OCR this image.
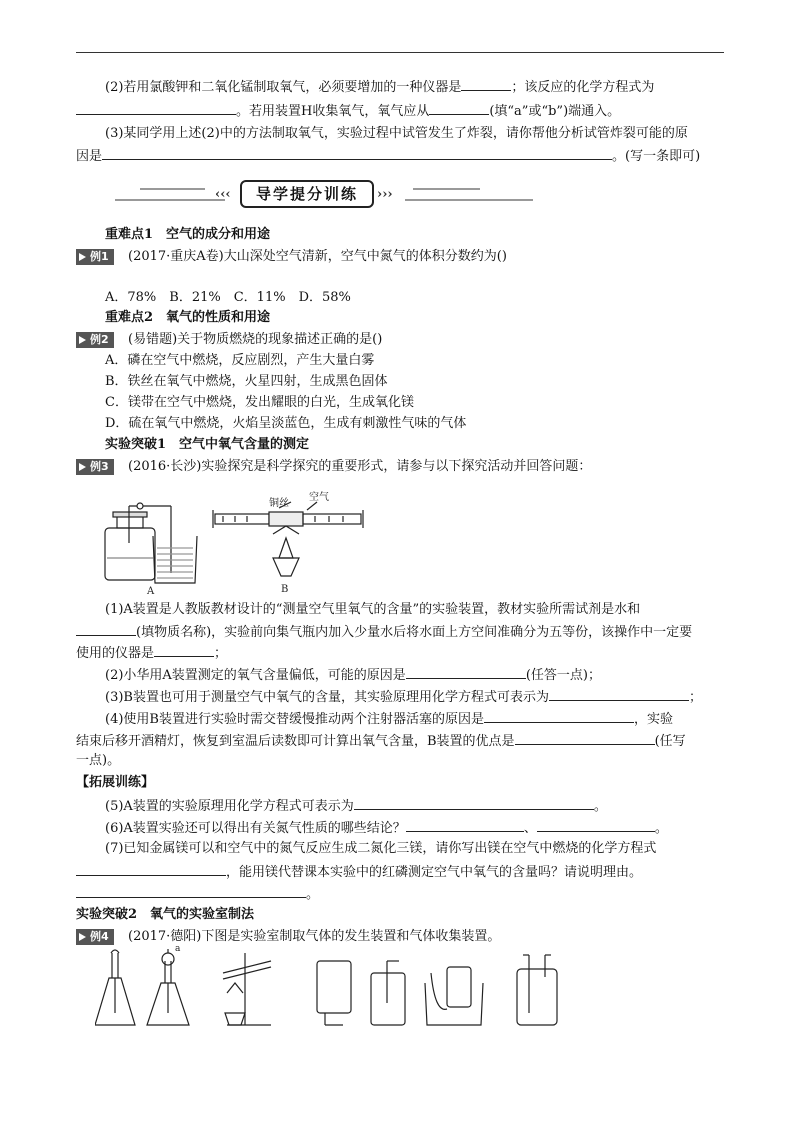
(2)若用氯酸钾和二氧化锰制取氧气，必须要增加的一种仪器是	；该反应的化学方程式为
。若用装置H收集氧气，氧气应从	(填“a”或“b”)端通入。
(3)某同学用上述(2)中的方法制取氧气，实验过程中试管发生了炸裂，请你帮他分析试管炸裂可能的原
因是	。(写一条即可)
‹‹‹	›››
导学提分训练
重难点1　空气的成分和用途
例1	(2017·重庆A卷)大山深处空气清新，空气中氮气的体积分数约为()
A．78%　B．21%　C．11%　D．58%
重难点2　氧气的性质和用途
例2	(易错题)关于物质燃烧的现象描述正确的是()
A．磷在空气中燃烧，反应剧烈，产生大量白雾
B．铁丝在氧气中燃烧，火星四射，生成黑色固体
C．镁带在空气中燃烧，发出耀眼的白光，生成氧化镁
D．硫在氧气中燃烧，火焰呈淡蓝色，生成有刺激性气味的气体
实验突破1　空气中氧气含量的测定
例3	(2016·长沙)实验探究是科学探究的重要形式，请参与以下探究活动并回答问题：
A	B
铜丝
空气
(1)A装置是人教版教材设计的“测量空气里氧气的含量”的实验装置，教材实验所需试剂是水和
(填物质名称)，实验前向集气瓶内加入少量水后将水面上方空间准确分为五等份，该操作中一定要
使用的仪器是	；
(2)小华用A装置测定的氧气含量偏低，可能的原因是	(任答一点)；
(3)B装置也可用于测量空气中氧气的含量，其实验原理用化学方程式可表示为	；
(4)使用B装置进行实验时需交替缓慢推动两个注射器活塞的原因是	，实验
结束后移开酒精灯，恢复到室温后读数即可计算出氧气含量，B装置的优点是	(任写
一点)。
【拓展训练】
(5)A装置的实验原理用化学方程式可表示为	。
(6)A装置实验还可以得出有关氮气性质的哪些结论？	、	。
(7)已知金属镁可以和空气中的氮气反应生成二氮化三镁，请你写出镁在空气中燃烧的化学方程式
，能用镁代替课本实验中的红磷测定空气中氧气的含量吗？请说明理由。
。
实验突破2　氧气的实验室制法
例4	(2017·德阳)下图是实验室制取气体的发生装置和气体收集装置。
a
